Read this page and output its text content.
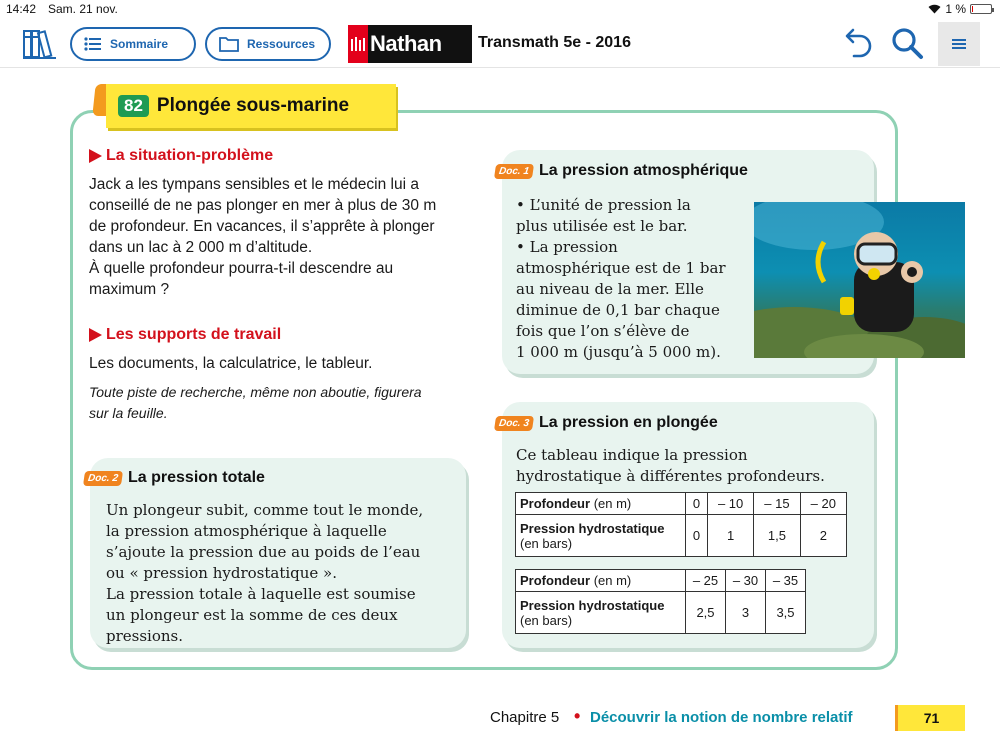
14:42 Sam. 21 nov.	1 %
Sommaire	Ressources Nathan Transmath 5e - 2016
82 Plongée sous-marine
La situation-problème
Jack a les tympans sensibles et le médecin lui a
conseillé de ne pas plonger en mer à plus de 30 m
de profondeur. En vacances, il s’apprête à plonger
dans un lac à 2 000 m d’altitude.
À quelle profondeur pourra-t-il descendre au
maximum ?
Les supports de travail
Les documents, la calculatrice, le tableur.
Toute piste de recherche, même non aboutie, figurera
sur la feuille.
Doc. 1 La pression atmosphérique
• L’unité de pression la
plus utilisée est le bar.
• La pression
atmosphérique est de 1 bar
au niveau de la mer. Elle
diminue de 0,1 bar chaque
fois que l’on s’élève de
1 000 m (jusqu’à 5 000 m).
Doc. 2 La pression totale
Un plongeur subit, comme tout le monde,
la pression atmosphérique à laquelle
s’ajoute la pression due au poids de l’eau
ou « pression hydrostatique ».
La pression totale à laquelle est soumise
un plongeur est la somme de ces deux
pressions.
Doc. 3 La pression en plongée
Ce tableau indique la pression
hydrostatique à différentes profondeurs.
Profondeur (en m)	0	– 10	– 15	– 20
Pression hydrostatique
(en bars)	0	1	1,5	2
Profondeur (en m)	– 25	– 30	– 35
Pression hydrostatique
(en bars)	2,5	3	3,5
Chapitre 5 • Découvrir la notion de nombre relatif	71
